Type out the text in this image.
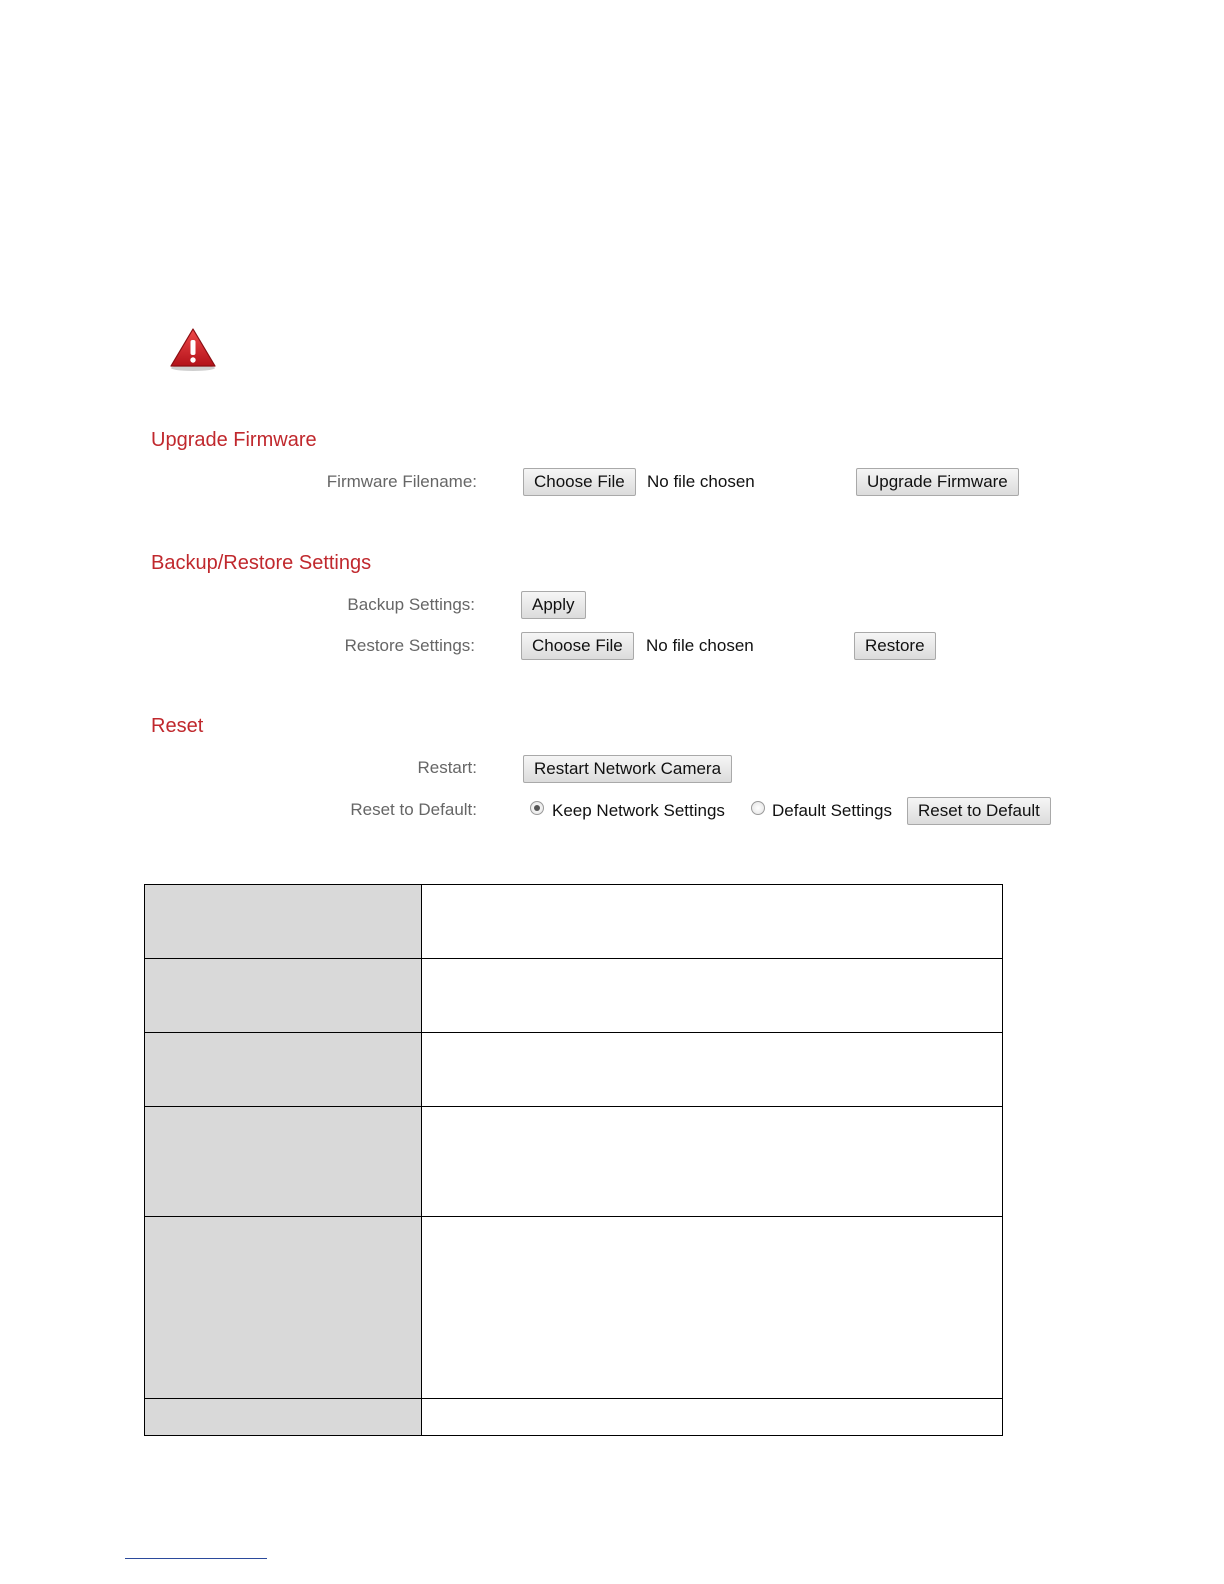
Upgrade Firmware
Firmware Filename:	Choose File	No file chosen	Upgrade Firmware
Backup/Restore Settings
Backup Settings:	Apply
Restore Settings:	Choose File	No file chosen	Restore
Reset
Restart:	Restart Network Camera
Reset to Default:	Keep Network Settings	Default Settings	Reset to Default
